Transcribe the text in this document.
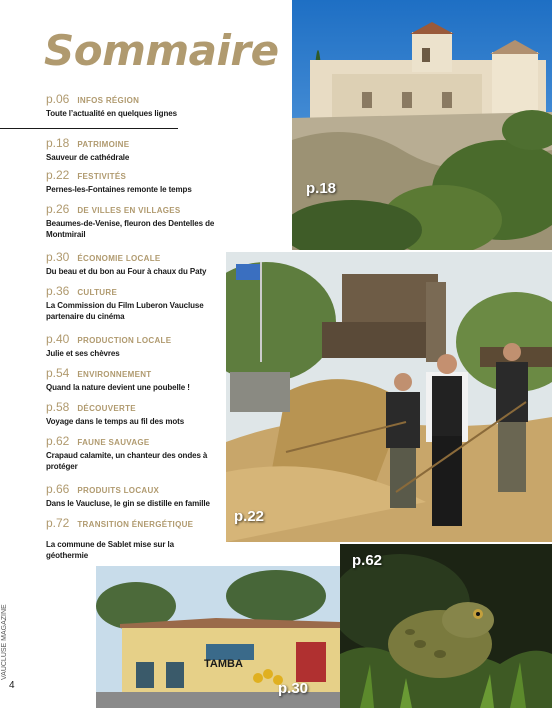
Sommaire
p.06 INFOS RÉGION
Toute l’actualité en quelques lignes
p.18 PATRIMOINE
Sauveur de cathédrale
p.22 FESTIVITÉS
Pernes-les-Fontaines remonte le temps
p.26 DE VILLES EN VILLAGES
Beaumes-de-Venise, fleuron des Dentelles de Montmirail
p.30 ÉCONOMIE LOCALE
Du beau et du bon au Four à chaux du Paty
p.36 CULTURE
La Commission du Film Luberon Vaucluse partenaire du cinéma
p.40 PRODUCTION LOCALE
Julie et ses chèvres
p.54 ENVIRONNEMENT
Quand la nature devient une poubelle !
p.58 DÉCOUVERTE
Voyage dans le temps au fil des mots
p.62 FAUNE SAUVAGE
Crapaud calamite, un chanteur des ondes à protéger
p.66 PRODUITS LOCAUX
Dans le Vaucluse, le gin se distille en famille
p.72 TRANSITION ÉNERGÉTIQUE
La commune de Sablet mise sur la géothermie
p.18
p.22
p.62
TAMBA
p.30
VAUCLUSE MAGAZINE
4
